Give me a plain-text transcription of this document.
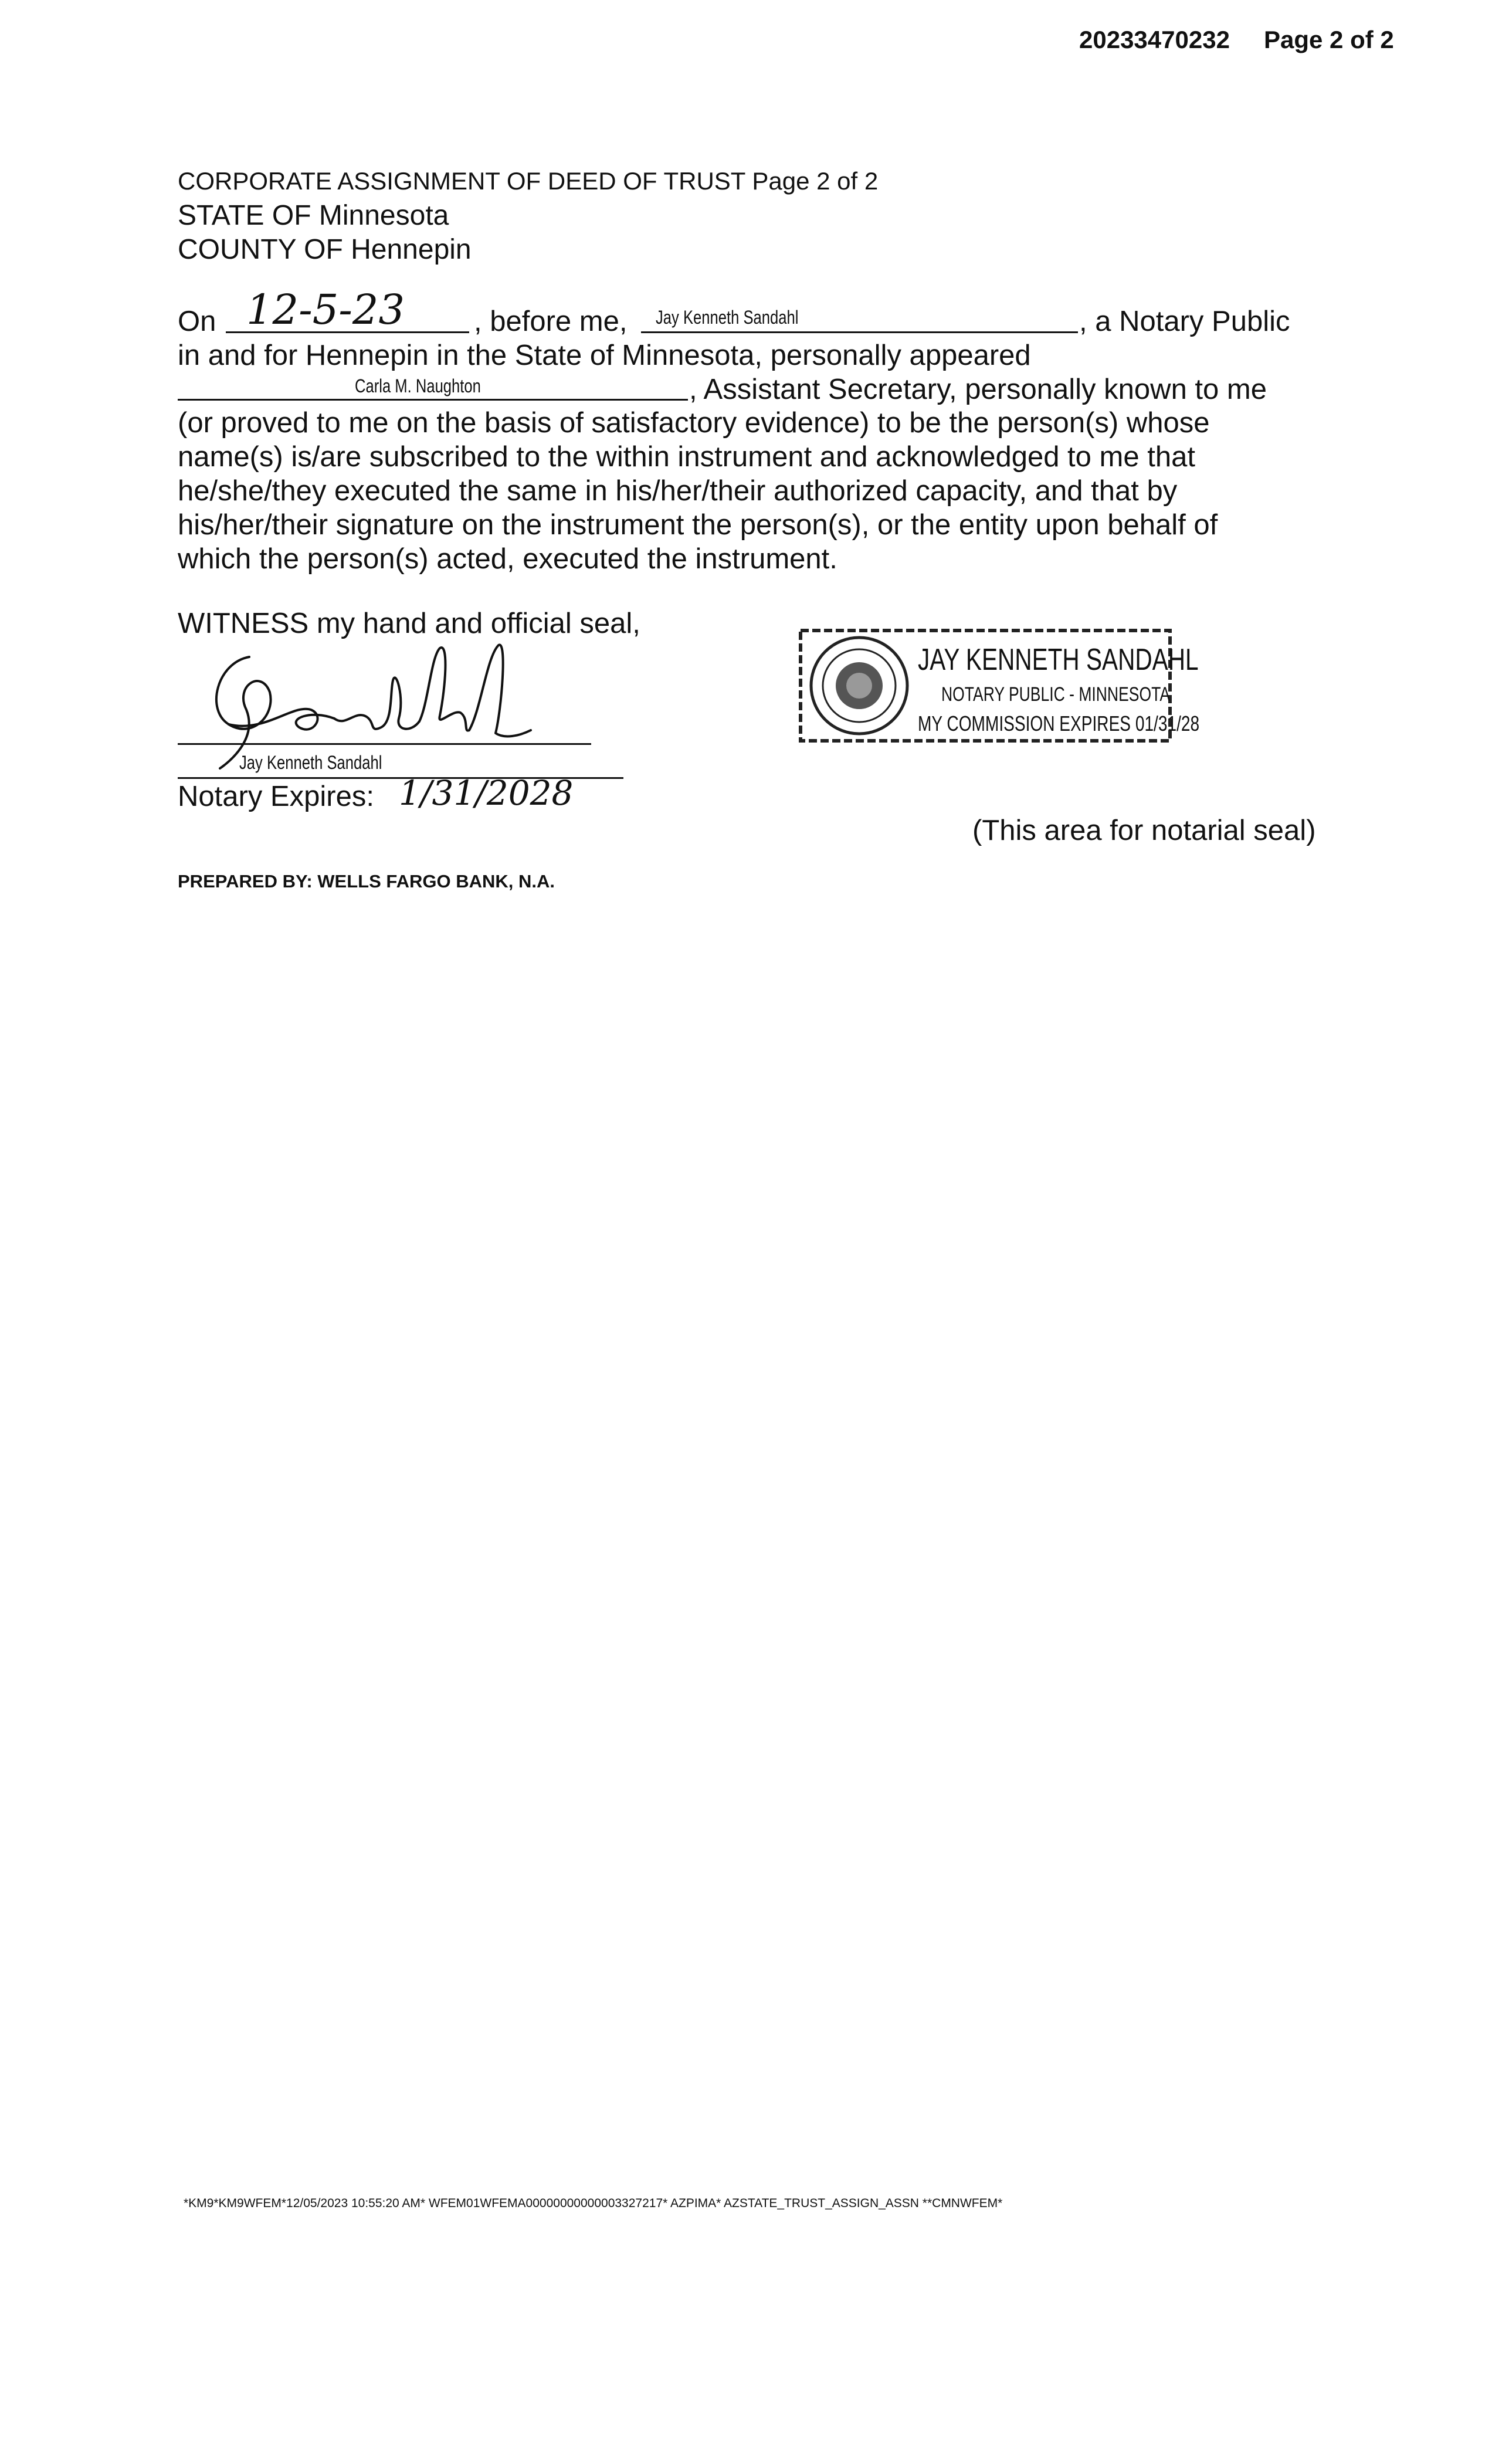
20233470232 Page 2 of 2
CORPORATE ASSIGNMENT OF DEED OF TRUST Page 2 of 2
STATE OF Minnesota
COUNTY OF Hennepin
On 12-5-23 , before me, Jay Kenneth Sandahl	, a Notary Public
in and for Hennepin in the State of Minnesota, personally appeared
Carla M. Naughton	, Assistant Secretary, personally known to me
(or proved to me on the basis of satisfactory evidence) to be the person(s) whose
name(s) is/are subscribed to the within instrument and acknowledged to me that
he/she/they executed the same in his/her/their authorized capacity, and that by
his/her/their signature on the instrument the person(s), or the entity upon behalf of
which the person(s) acted, executed the instrument.
WITNESS my hand and official seal,
Jay Kenneth Sandahl
Notary Expires: 1/31/2028
JAY KENNETH SANDAHL
NOTARY PUBLIC - MINNESOTA
MY COMMISSION EXPIRES 01/31/28
(This area for notarial seal)
PREPARED BY: WELLS FARGO BANK, N.A.
*KM9*KM9WFEM*12/05/2023 10:55:20 AM* WFEM01WFEMA00000000000003327217* AZPIMA* AZSTATE_TRUST_ASSIGN_ASSN **CMNWFEM*
